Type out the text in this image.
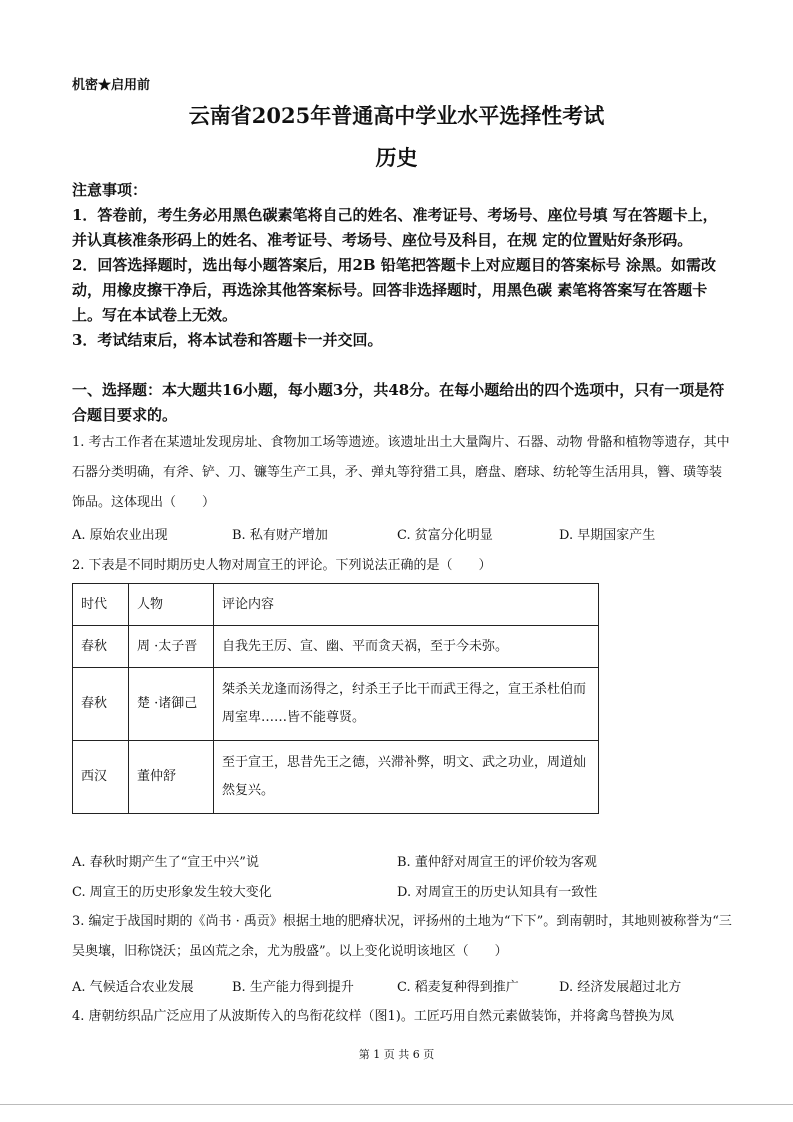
机密★启用前
云南省2025年普通高中学业水平选择性考试
历史

注意事项：

1．答卷前，考生务必用黑色碳素笔将自己的姓名、准考证号、考场号、座位号填 写在答题卡上，并认真核准条形码上的姓名、准考证号、考场号、座位号及科目，在规 定的位置贴好条形码。

2．回答选择题时，选出每小题答案后，用2B 铅笔把答题卡上对应题目的答案标号 涂黑。如需改动，用橡皮擦干净后，再选涂其他答案标号。回答非选择题时，用黑色碳 素笔将答案写在答题卡上。写在本试卷上无效。

3．考试结束后，将本试卷和答题卡一并交回。

一、选择题：本大题共16小题，每小题3分，共48分。在每小题给出的四个选项中，只有一项是符合题目要求的。
1. 考古工作者在某遗址发现房址、食物加工场等遗迹。该遗址出土大量陶片、石器、动物 骨骼和植物等遗存，其中石器分类明确，有斧、铲、刀、镰等生产工具，矛、弹丸等狩猎工具，磨盘、磨球、纺轮等生活用具，簪、璜等装饰品。这体现出（　　）
A. 原始农业出现	B. 私有财产增加	C. 贫富分化明显	D. 早期国家产生
2. 下表是不同时期历史人物对周宣王的评论。下列说法正确的是（　　）
时代	人物	评论内容
春秋	周 ·太子晋	自我先王厉、宣、幽、平而贪天祸，至于今未弥。
春秋	楚 ·诸御己	桀杀关龙逢而汤得之，纣杀王子比干而武王得之，宣王杀杜伯而周室卑……皆不能尊贤。
西汉	董仲舒	至于宣王，思昔先王之德，兴滞补弊，明文、武之功业，周道灿然复兴。
A. 春秋时期产生了“宣王中兴”说	B. 董仲舒对周宣王的评价较为客观
C. 周宣王的历史形象发生较大变化	D. 对周宣王的历史认知具有一致性
3. 编定于战国时期的《尚书 · 禹贡》根据土地的肥瘠状况，评扬州的土地为“下下”。到南朝时，其地则被称誉为“三吴奥壤，旧称饶沃；虽凶荒之余，尤为殷盛”。以上变化说明该地区（　　）
A. 气候适合农业发展	B. 生产能力得到提升	C. 稻麦复种得到推广	D. 经济发展超过北方
4. 唐朝纺织品广泛应用了从波斯传入的鸟衔花纹样（图1)。工匠巧用自然元素做装饰，并将禽鸟替换为凤
第 1 页 共 6 页
